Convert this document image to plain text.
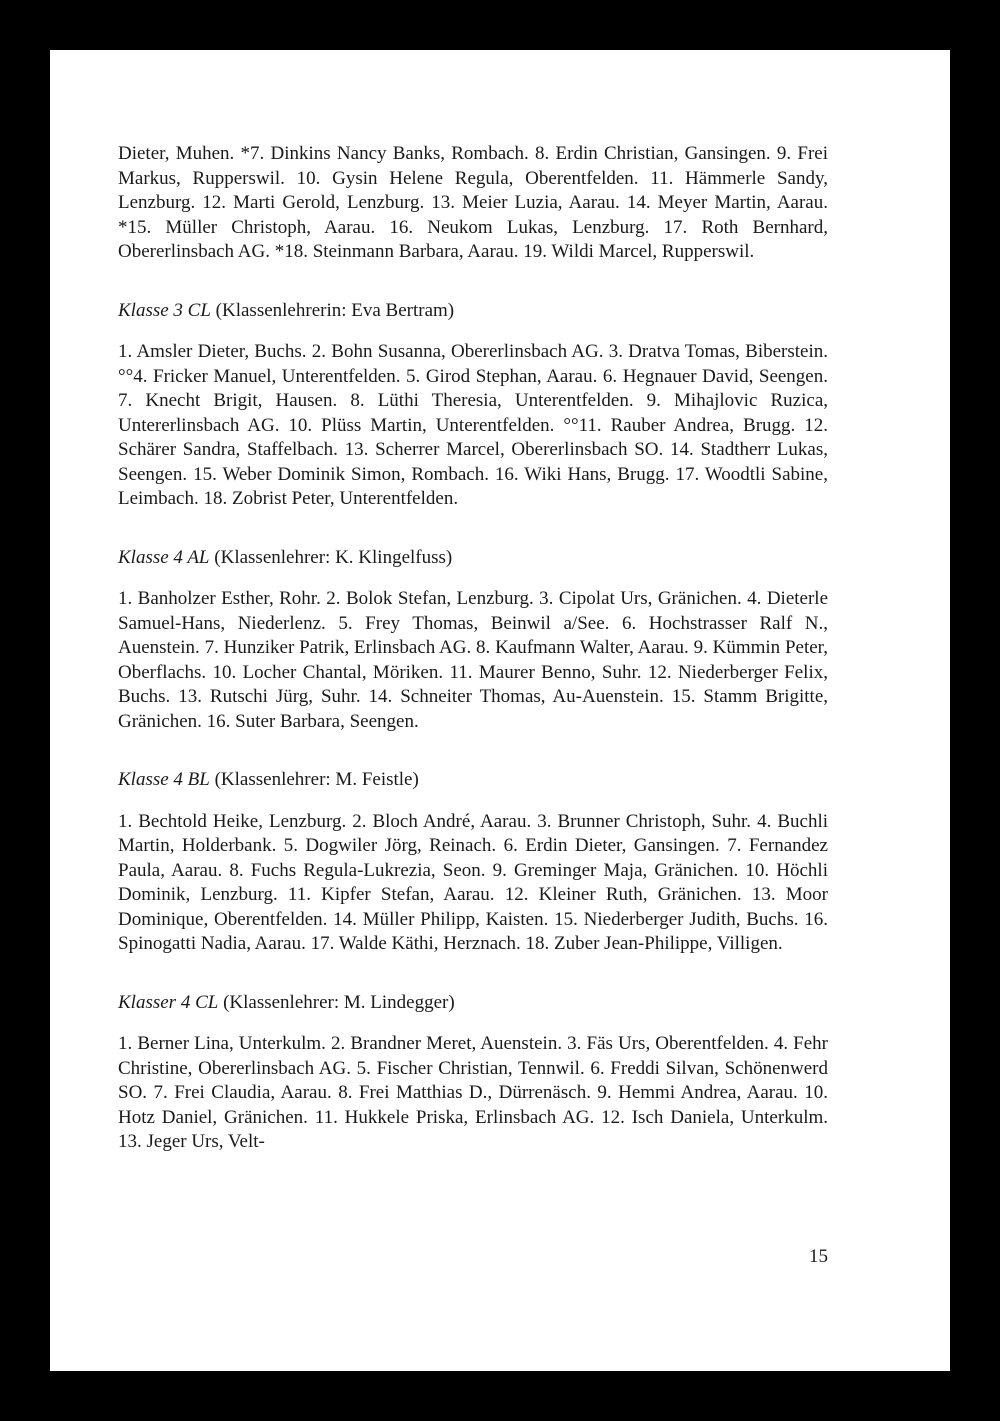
Dieter, Muhen. *7. Dinkins Nancy Banks, Rombach. 8. Erdin Christian, Gansingen. 9. Frei Markus, Rupperswil. 10. Gysin Helene Regula, Oberentfelden. 11. Hämmerle Sandy, Lenzburg. 12. Marti Gerold, Lenzburg. 13. Meier Luzia, Aarau. 14. Meyer Martin, Aarau. *15. Müller Christoph, Aarau. 16. Neukom Lukas, Lenzburg. 17. Roth Bernhard, Obererlinsbach AG. *18. Steinmann Barbara, Aarau. 19. Wildi Marcel, Rupperswil.

Klasse 3 CL (Klassenlehrerin: Eva Bertram)

1. Amsler Dieter, Buchs. 2. Bohn Susanna, Obererlinsbach AG. 3. Dratva Tomas, Biberstein. °°4. Fricker Manuel, Unterentfelden. 5. Girod Stephan, Aarau. 6. Hegnauer David, Seengen. 7. Knecht Brigit, Hausen. 8. Lüthi Theresia, Unterentfelden. 9. Mihajlovic Ruzica, Untererlinsbach AG. 10. Plüss Martin, Unterentfelden. °°11. Rauber Andrea, Brugg. 12. Schärer Sandra, Staffelbach. 13. Scherrer Marcel, Obererlinsbach SO. 14. Stadtherr Lukas, Seengen. 15. Weber Dominik Simon, Rombach. 16. Wiki Hans, Brugg. 17. Woodtli Sabine, Leimbach. 18. Zobrist Peter, Unterentfelden.

Klasse 4 AL (Klassenlehrer: K. Klingelfuss)

1. Banholzer Esther, Rohr. 2. Bolok Stefan, Lenzburg. 3. Cipolat Urs, Gränichen. 4. Dieterle Samuel-Hans, Niederlenz. 5. Frey Thomas, Beinwil a/See. 6. Hochstrasser Ralf N., Auenstein. 7. Hunziker Patrik, Erlinsbach AG. 8. Kaufmann Walter, Aarau. 9. Kümmin Peter, Oberflachs. 10. Locher Chantal, Möriken. 11. Maurer Benno, Suhr. 12. Niederberger Felix, Buchs. 13. Rutschi Jürg, Suhr. 14. Schneiter Thomas, Au-Auenstein. 15. Stamm Brigitte, Gränichen. 16. Suter Barbara, Seengen.

Klasse 4 BL (Klassenlehrer: M. Feistle)

1. Bechtold Heike, Lenzburg. 2. Bloch André, Aarau. 3. Brunner Christoph, Suhr. 4. Buchli Martin, Holderbank. 5. Dogwiler Jörg, Reinach. 6. Erdin Dieter, Gansingen. 7. Fernandez Paula, Aarau. 8. Fuchs Regula-Lukrezia, Seon. 9. Greminger Maja, Gränichen. 10. Höchli Dominik, Lenzburg. 11. Kipfer Stefan, Aarau. 12. Kleiner Ruth, Gränichen. 13. Moor Dominique, Oberentfelden. 14. Müller Philipp, Kaisten. 15. Niederberger Judith, Buchs. 16. Spinogatti Nadia, Aarau. 17. Walde Käthi, Herznach. 18. Zuber Jean-Philippe, Villigen.

Klasser 4 CL (Klassenlehrer: M. Lindegger)

1. Berner Lina, Unterkulm. 2. Brandner Meret, Auenstein. 3. Fäs Urs, Oberentfelden. 4. Fehr Christine, Obererlinsbach AG. 5. Fischer Christian, Tennwil. 6. Freddi Silvan, Schönenwerd SO. 7. Frei Claudia, Aarau. 8. Frei Matthias D., Dürrenäsch. 9. Hemmi Andrea, Aarau. 10. Hotz Daniel, Gränichen. 11. Hukkele Priska, Erlinsbach AG. 12. Isch Daniela, Unterkulm. 13. Jeger Urs, Velt-

15
